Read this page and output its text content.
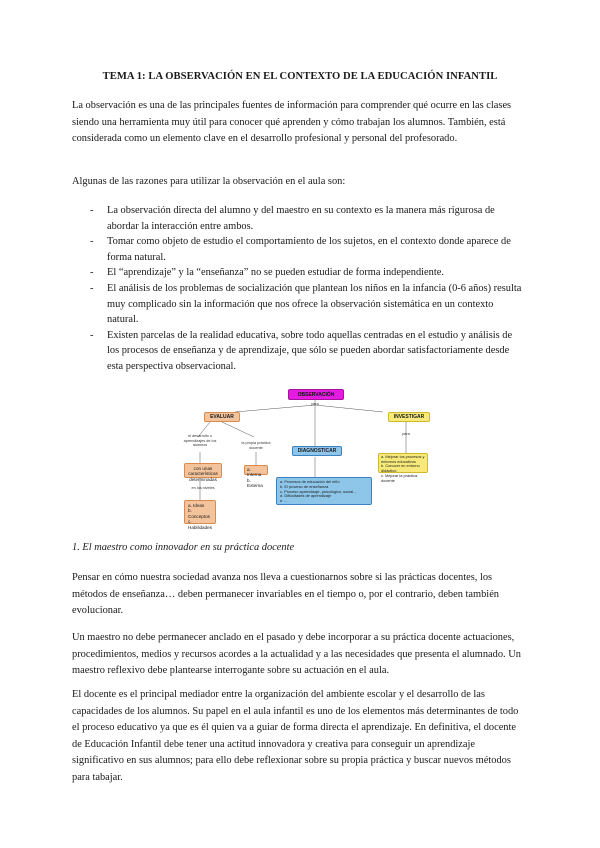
TEMA 1: LA OBSERVACIÓN EN EL CONTEXTO DE LA EDUCACIÓN INFANTIL

La observación es una de las principales fuentes de información para comprender qué ocurre en las clases siendo una herramienta muy útil para conocer qué aprenden y cómo trabajan los alumnos. También, está considerada como un elemento clave en el desarrollo profesional y personal del profesorado.

Algunas de las razones para utilizar la observación en el aula son:

- La observación directa del alumno y del maestro en su contexto es la manera más rigurosa de abordar la interacción entre ambos.
- Tomar como objeto de estudio el comportamiento de los sujetos, en el contexto donde aparece de forma natural.
- El “aprendizaje” y la “enseñanza” no se pueden estudiar de forma independiente.
- El análisis de los problemas de socialización que plantean los niños en la infancia (0-6 años) resulta muy complicado sin la información que nos ofrece la observación sistemática en un contexto natural.
- Existen parcelas de la realidad educativa, sobre todo aquellas centradas en el estudio y análisis de los procesos de enseñanza y de aprendizaje, que sólo se pueden abordar satisfactoriamente desde esta perspectiva observacional.
OBSERVACIÓN
para
EVALUAR	INVESTIGAR
DIAGNOSTICAR
el desarrollo o aprendizajes de los alumnos
la propia práctica docente
con unas características determinadas
a. Interna
b. Externa
en los niveles
a. Ideas
b. Conceptos
c. Habilidades
a. Procesos de educación del niño
b. El proceso de enseñanza
c. Proceso aprendizaje, psicológico, social...
d. Dificultades de aprendizaje
e. ...
para
a. Mejorar los procesos y entornos educativos
b. Conocer en entorno didáctico
c. Mejorar la práctica docente
1. El maestro como innovador en su práctica docente

Pensar en cómo nuestra sociedad avanza nos lleva a cuestionarnos sobre si las prácticas docentes, los métodos de enseñanza… deben permanecer invariables en el tiempo o, por el contrario, deben también evolucionar.

Un maestro no debe permanecer anclado en el pasado y debe incorporar a su práctica docente actuaciones, procedimientos, medios y recursos acordes a la actualidad y a las necesidades que presenta el alumnado. Un maestro reflexivo debe plantearse interrogante sobre su actuación en el aula.

El docente es el principal mediador entre la organización del ambiente escolar y el desarrollo de las capacidades de los alumnos. Su papel en el aula infantil es uno de los elementos más determinantes de todo el proceso educativo ya que es él quien va a guiar de forma directa el aprendizaje. En definitiva, el docente de Educación Infantil debe tener una actitud innovadora y creativa para conseguir un aprendizaje significativo en sus alumnos; para ello debe reflexionar sobre su propia práctica y buscar nuevos métodos para tabajar.
